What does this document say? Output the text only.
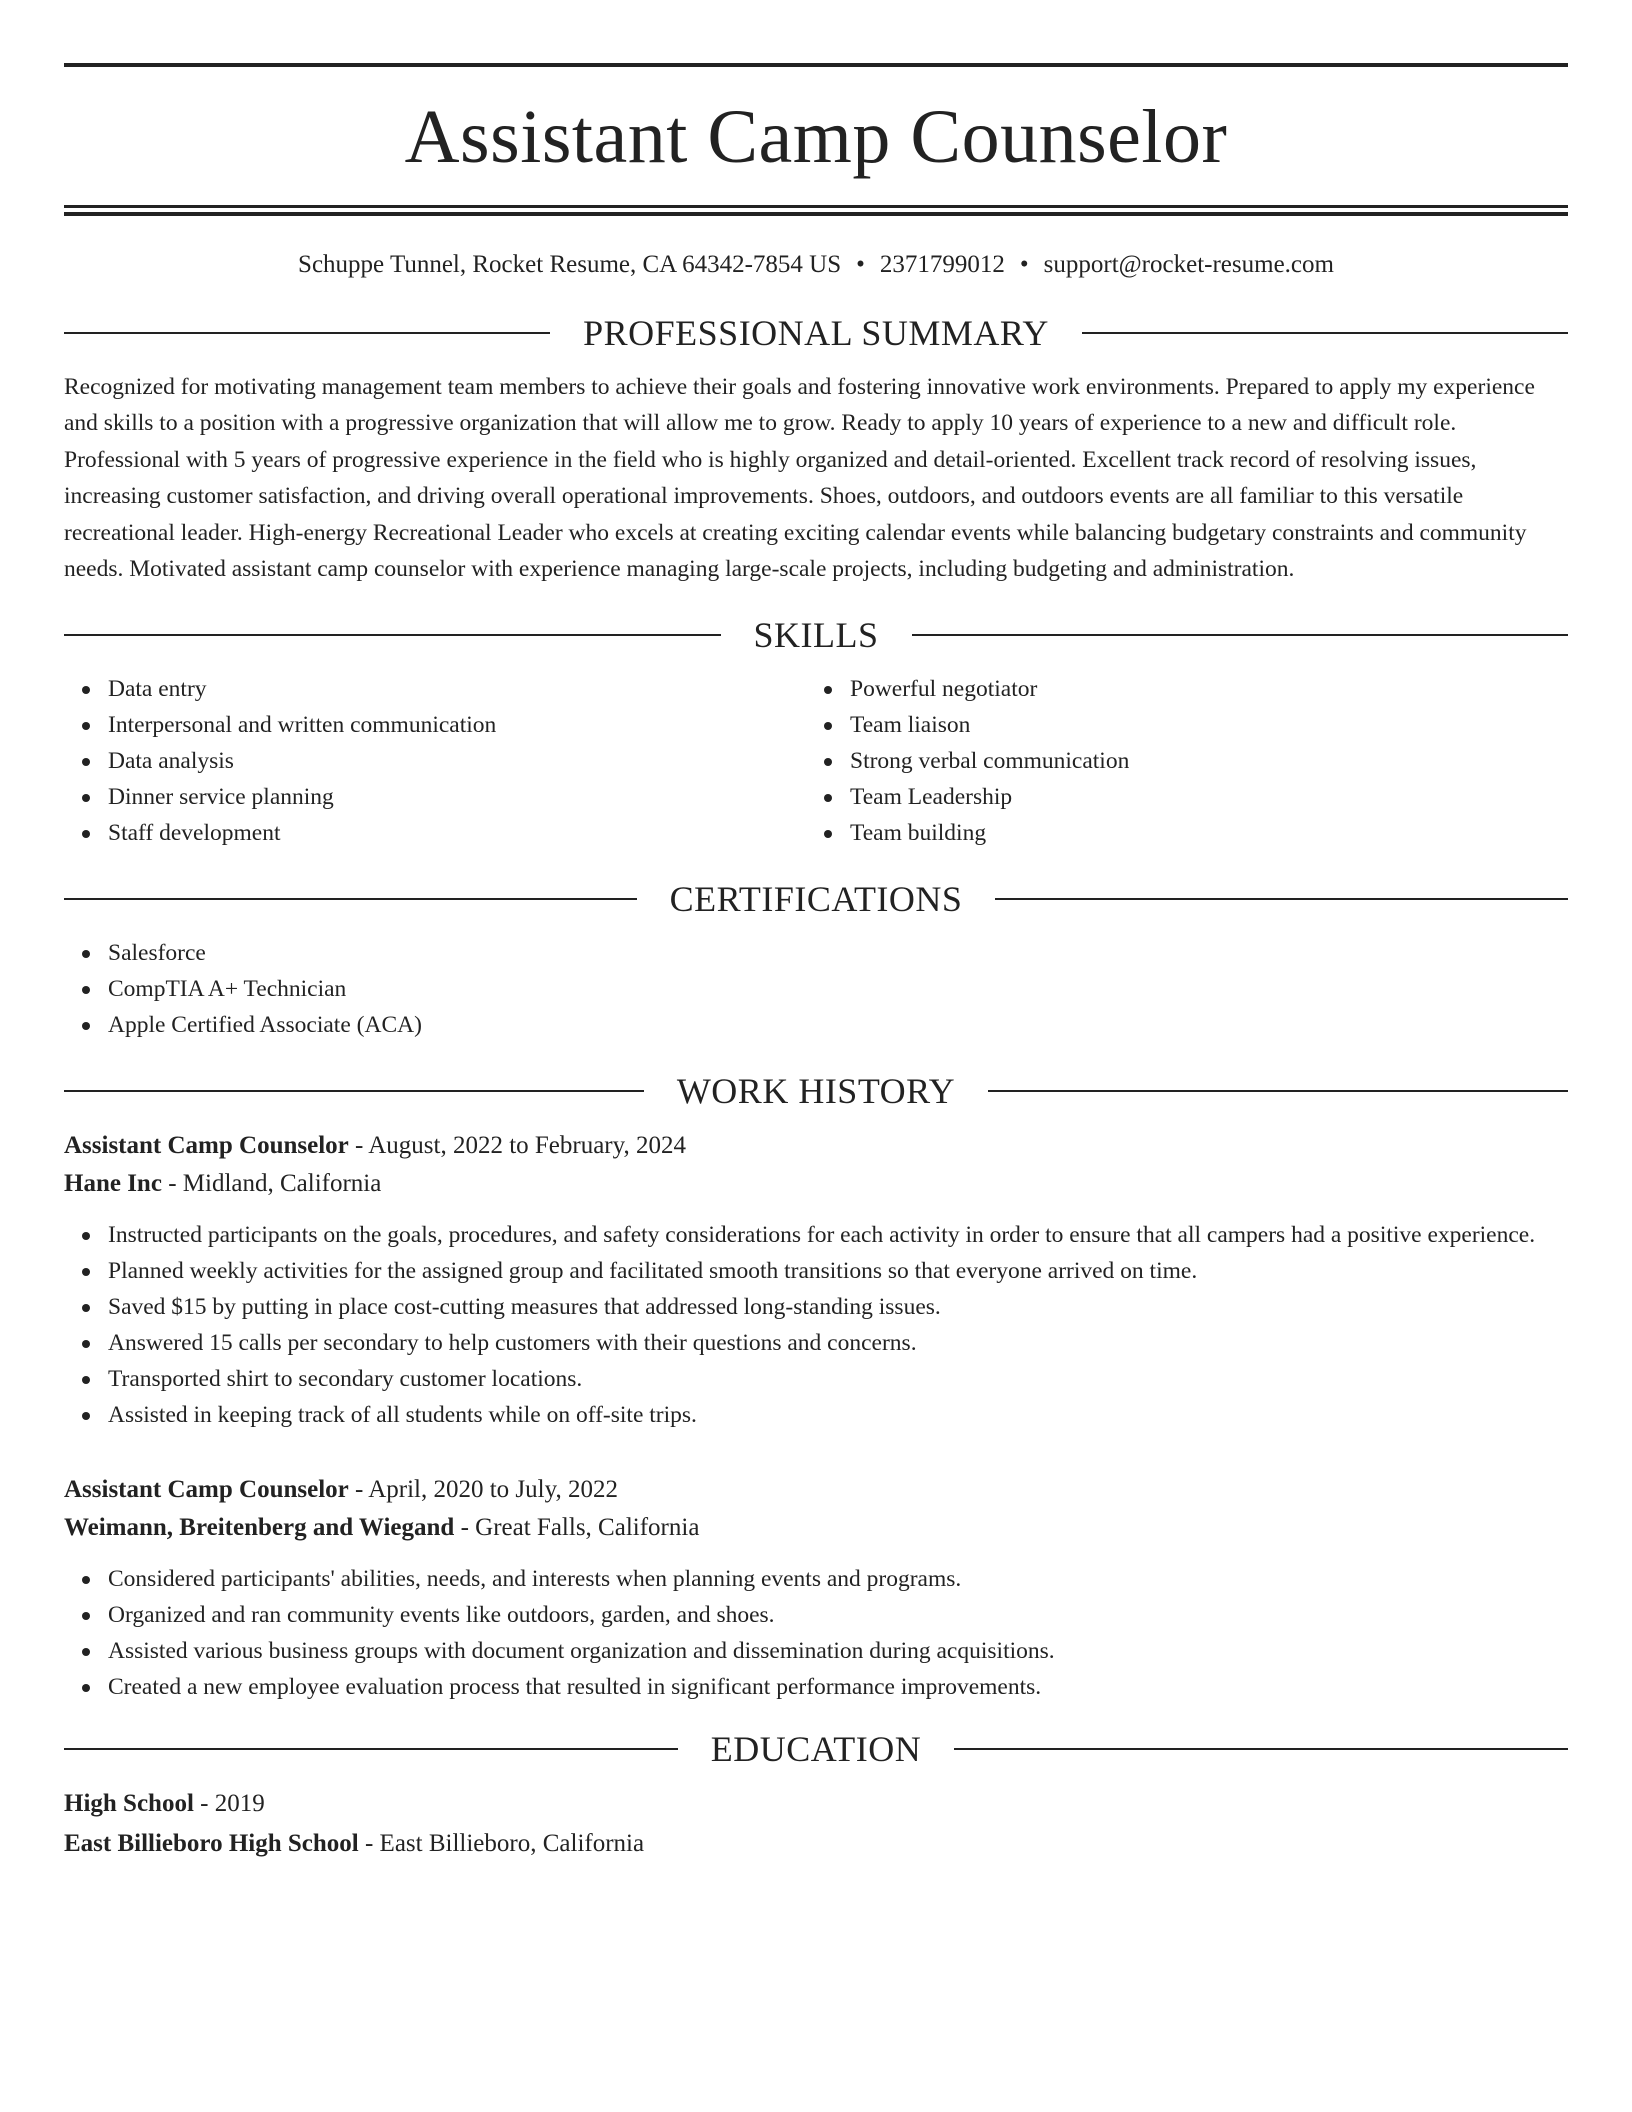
Assistant Camp Counselor
Schuppe Tunnel, Rocket Resume, CA 64342-7854 US • 2371799012 • support@rocket-resume.com
PROFESSIONAL SUMMARY

Recognized for motivating management team members to achieve their goals and fostering innovative work environments. Prepared to apply my experience and skills to a position with a progressive organization that will allow me to grow. Ready to apply 10 years of experience to a new and difficult role. Professional with 5 years of progressive experience in the field who is highly organized and detail-oriented. Excellent track record of resolving issues, increasing customer satisfaction, and driving overall operational improvements. Shoes, outdoors, and outdoors events are all familiar to this versatile recreational leader. High-energy Recreational Leader who excels at creating exciting calendar events while balancing budgetary constraints and community needs. Motivated assistant camp counselor with experience managing large-scale projects, including budgeting and administration.

SKILLS
Data entry
Interpersonal and written communication
Data analysis
Dinner service planning
Staff development
Powerful negotiator
Team liaison
Strong verbal communication
Team Leadership
Team building
CERTIFICATIONS
Salesforce
CompTIA A+ Technician
Apple Certified Associate (ACA)
WORK HISTORY
Assistant Camp Counselor - August, 2022 to February, 2024
Hane Inc - Midland, California
Instructed participants on the goals, procedures, and safety considerations for each activity in order to ensure that all campers had a positive experience.
Planned weekly activities for the assigned group and facilitated smooth transitions so that everyone arrived on time.
Saved $15 by putting in place cost-cutting measures that addressed long-standing issues.
Answered 15 calls per secondary to help customers with their questions and concerns.
Transported shirt to secondary customer locations.
Assisted in keeping track of all students while on off-site trips.
Assistant Camp Counselor - April, 2020 to July, 2022
Weimann, Breitenberg and Wiegand - Great Falls, California
Considered participants' abilities, needs, and interests when planning events and programs.
Organized and ran community events like outdoors, garden, and shoes.
Assisted various business groups with document organization and dissemination during acquisitions.
Created a new employee evaluation process that resulted in significant performance improvements.
EDUCATION
High School - 2019
East Billieboro High School - East Billieboro, California
